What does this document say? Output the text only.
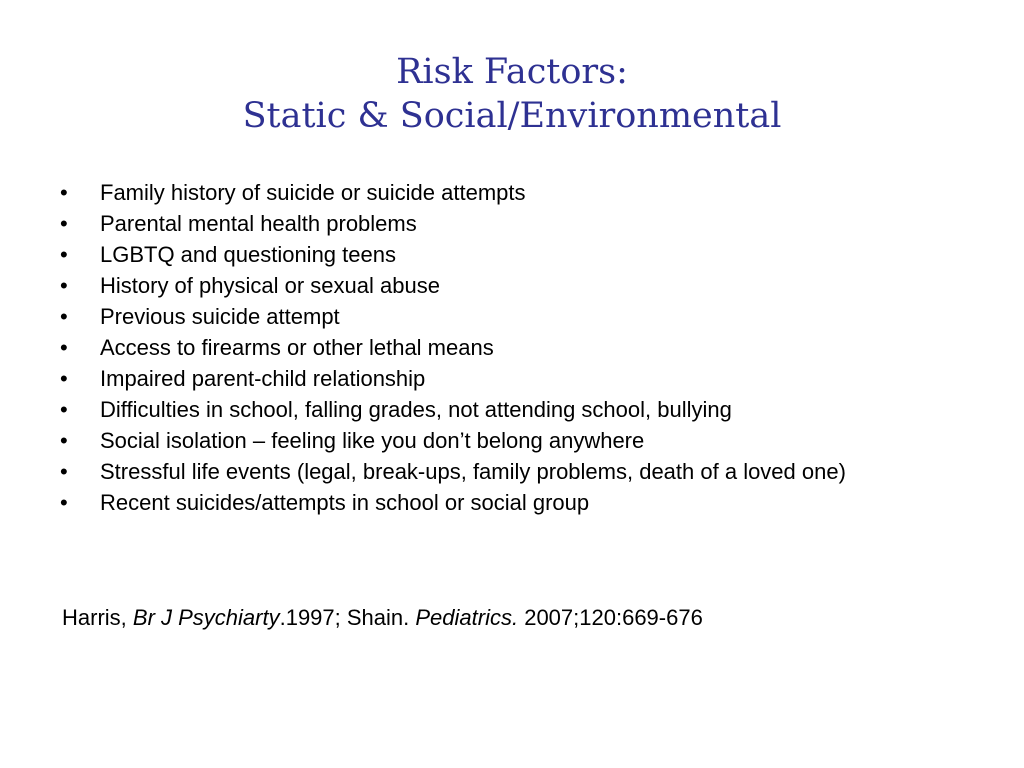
Risk Factors:
Static & Social/Environmental
• Family history of suicide or suicide attempts
• Parental mental health problems
• LGBTQ and questioning teens
• History of physical or sexual abuse
• Previous suicide attempt
• Access to firearms or other lethal means
• Impaired parent-child relationship
• Difficulties in school, falling grades, not attending school, bullying
• Social isolation – feeling like you don’t belong anywhere
• Stressful life events (legal, break-ups, family problems, death of a loved one)
• Recent suicides/attempts in school or social group
Harris, Br J Psychiarty.1997; Shain. Pediatrics. 2007;120:669-676
